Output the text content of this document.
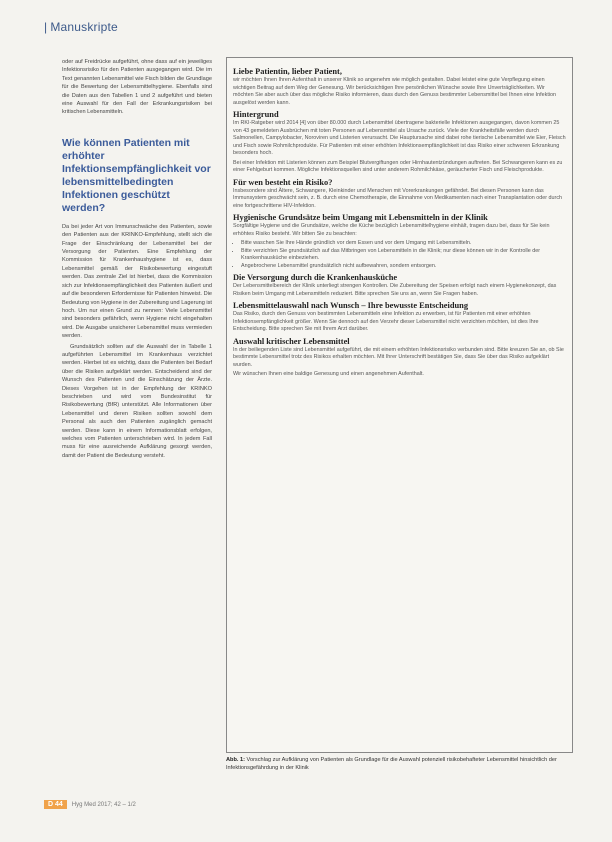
| Manuskripte

oder auf Freidrücke aufgeführt, ohne dass auf ein jeweiliges Infektionsrisiko für den Patienten ausgegangen wird. Die im Text genannten Lebensmittel wie Fisch bilden die Grundlage für die Bewertung der Lebensmittelhygiene. Ebenfalls sind die Daten aus den Tabellen 1 und 2 aufgeführt und bieten eine Auswahl für den Fall der Erkrankungsrisiken bei kritischen Lebensmitteln.

Wie können Patienten mit erhöhter Infektionsempfänglichkeit vor lebensmittelbedingten Infektionen geschützt werden?

Da bei jeder Art von Immunschwäche des Patienten, sowie den Patienten aus der KRINKO-Empfehlung, stellt sich die Frage der Einschränkung der Lebensmittel bei der Versorgung der Patienten. Eine Empfehlung der Kommission für Krankenhaushygiene ist es, dass Lebensmittel gemäß der Risikobewertung eingestuft werden. Das zentrale Ziel ist hierbei, dass die Kommission sich zur Infektionsempfänglichkeit des Patienten äußert und auf die besonderen Erfordernisse für Patienten hinweist. Die Bedeutung von Hygiene in der Zubereitung und Lagerung ist hoch. Um nur einen Grund zu nennen: Viele Lebensmittel sind besonders gefährlich, wenn Hygiene nicht eingehalten wird. Die Ausgabe unsicherer Lebensmittel muss vermieden werden.

Grundsätzlich sollten auf die Auswahl der in Tabelle 1 aufgeführten Lebensmittel im Krankenhaus verzichtet werden. Hierbei ist es wichtig, dass die Patienten bei Bedarf über die Risiken aufgeklärt werden. Entscheidend sind der Wunsch des Patienten und die Einschätzung der Ärzte. Dieses Vorgehen ist in der Empfehlung der KRINKO beschrieben und wird vom Bundesinstitut für Risikobewertung (BfR) unterstützt. Alle Informationen über Lebensmittel und deren Risiken sollten sowohl dem Personal als auch den Patienten zugänglich gemacht werden. Diese kann in einem Informationsblatt erfolgen, welches vom Patienten unterschrieben wird. In jedem Fall muss für eine ausreichende Aufklärung gesorgt werden, damit der Patient die Bedeutung versteht.

Liebe Patientin, lieber Patient,

wir möchten Ihnen Ihren Aufenthalt in unserer Klinik so angenehm wie möglich gestalten. Dabei leistet eine gute Verpflegung einen wichtigen Beitrag auf dem Weg der Genesung. Wir berücksichtigen Ihre persönlichen Wünsche sowie Ihre Unverträglichkeiten. Wir möchten Sie aber auch über das mögliche Risiko informieren, dass durch den Genuss bestimmter Lebensmittel bei Ihnen eine Infektion ausgelöst werden kann.

Hintergrund

Im RKI-Ratgeber wird 2014 [4] von über 80.000 durch Lebensmittel übertragene bakterielle Infektionen ausgegangen, davon kommen 25 von 43 gemeldeten Ausbrüchen mit toten Personen auf Lebensmittel als Ursache zurück. Viele der Krankheitsfälle werden durch Salmonellen, Campylobacter, Noroviren und Listerien verursacht. Die Hauptursache sind dabei rohe tierische Lebensmittel wie Eier, Fleisch und Fisch sowie Rohmilchprodukte. Für Patienten mit einer erhöhten Infektionsempfänglichkeit ist das Risiko einer schweren Erkrankung besonders hoch.

Bei einer Infektion mit Listerien können zum Beispiel Blutvergiftungen oder Hirnhautentzündungen auftreten. Bei Schwangeren kann es zu einer Fehlgeburt kommen. Mögliche Infektionsquellen sind unter anderem Rohmilchkäse, geräucherter Fisch und Fleischprodukte.

Für wen besteht ein Risiko?

Insbesondere sind Ältere, Schwangere, Kleinkinder und Menschen mit Vorerkrankungen gefährdet. Bei diesen Personen kann das Immunsystem geschwächt sein, z. B. durch eine Chemotherapie, die Einnahme von Medikamenten nach einer Transplantation oder durch eine fortgeschrittene HIV-Infektion.

Hygienische Grundsätze beim Umgang mit Lebensmitteln in der Klinik

Sorgfältige Hygiene und die Grundsätze, welche die Küche bezüglich Lebensmittelhygiene einhält, tragen dazu bei, dass für Sie kein erhöhtes Risiko besteht. Wir bitten Sie zu beachten:

• Bitte waschen Sie Ihre Hände gründlich vor dem Essen und vor dem Umgang mit Lebensmitteln.
• Bitte verzichten Sie grundsätzlich auf das Mitbringen von Lebensmitteln in die Klinik; nur diese können wir in der Kontrolle der Krankenhausküche einbeziehen.
• Angebrochene Lebensmittel grundsätzlich nicht aufbewahren, sondern entsorgen.
Die Versorgung durch die Krankenhausküche

Der Lebensmittelbereich der Klinik unterliegt strengen Kontrollen. Die Zubereitung der Speisen erfolgt nach einem Hygienekonzept, das Risiken beim Umgang mit Lebensmitteln reduziert. Bitte sprechen Sie uns an, wenn Sie Fragen haben.

Lebensmittelauswahl nach Wunsch – Ihre bewusste Entscheidung

Das Risiko, durch den Genuss von bestimmten Lebensmitteln eine Infektion zu erwerben, ist für Patienten mit einer erhöhten Infektionsempfänglichkeit größer. Wenn Sie dennoch auf den Verzehr dieser Lebensmittel nicht verzichten möchten, ist dies Ihre Entscheidung. Bitte sprechen Sie mit Ihrem Arzt darüber.

Auswahl kritischer Lebensmittel

In der beiliegenden Liste sind Lebensmittel aufgeführt, die mit einem erhöhten Infektionsrisiko verbunden sind. Bitte kreuzen Sie an, ob Sie bestimmte Lebensmittel trotz des Risikos erhalten möchten. Mit Ihrer Unterschrift bestätigen Sie, dass Sie über das Risiko aufgeklärt wurden.

Wir wünschen Ihnen eine baldige Genesung und einen angenehmen Aufenthalt.

Abb. 1: Vorschlag zur Aufklärung von Patienten als Grundlage für die Auswahl potenziell risikobehafteter Lebensmittel hinsichtlich der Infektionsgefährdung in der Klinik
D 44	Hyg Med 2017; 42 – 1/2
